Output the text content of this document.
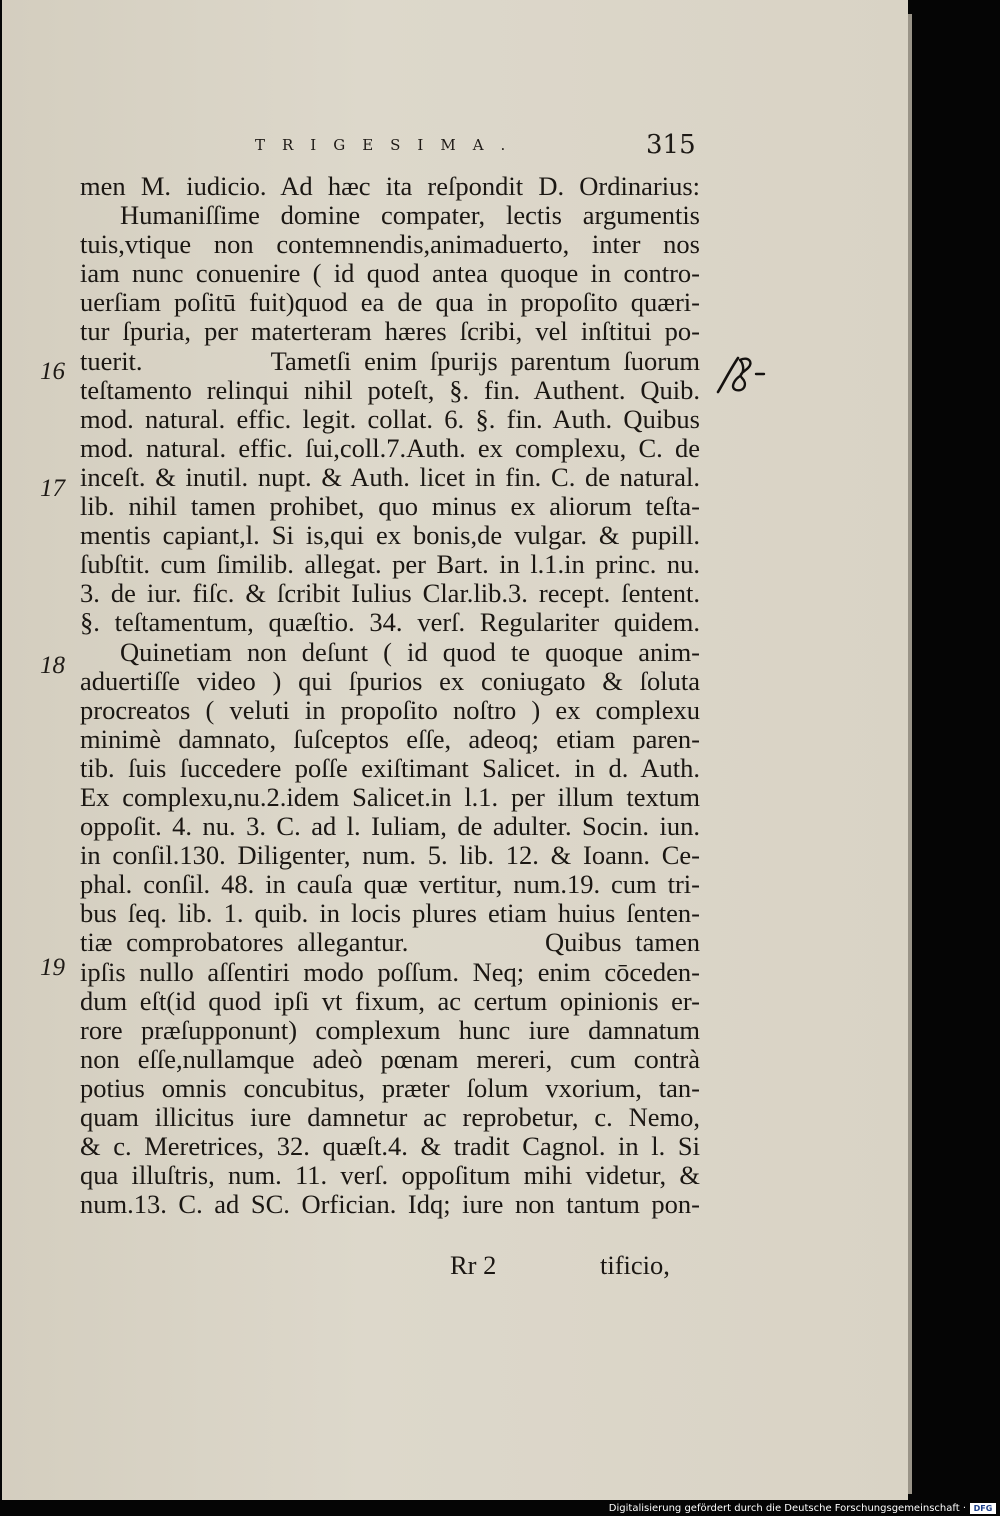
TRIGESIMA.	315
16
17
18
19
men M. iudicio. Ad hæc ita reſpondit D. Ordinarius:
Humaniſſime domine compater, lectis argumentis
tuis,vtique non contemnendis,animaduerto, inter nos
iam nunc conuenire ( id quod antea quoque in contro-
uerſiam poſitū fuit)quod ea de qua in propoſito quæri-
tur ſpuria, per materteram hæres ſcribi, vel inſtitui po-
tuerit.          Tametſi enim ſpurijs parentum ſuorum
teſtamento relinqui nihil poteſt, §. fin. Authent. Quib.
mod. natural. effic. legit. collat. 6. §. fin. Auth. Quibus
mod. natural. effic. ſui,coll.7.Auth. ex complexu, C. de
inceſt. & inutil. nupt. & Auth. licet in fin. C. de natural.
lib. nihil tamen prohibet, quo minus ex aliorum teſta-
mentis capiant,l. Si is,qui ex bonis,de vulgar. & pupill.
ſubſtit. cum ſimilib. allegat. per Bart. in l.1.in princ. nu.
3. de iur. fiſc. & ſcribit Iulius Clar.lib.3. recept. ſentent.
§. teſtamentum, quæſtio. 34. verſ. Regulariter quidem.
Quinetiam non deſunt ( id quod te quoque anim-
aduertiſſe video ) qui ſpurios ex coniugato & ſoluta
procreatos ( veluti in propoſito noſtro ) ex complexu
minimè damnato, ſuſceptos eſſe, adeoq; etiam paren-
tib. ſuis ſuccedere poſſe exiſtimant Salicet. in d. Auth.
Ex complexu,nu.2.idem Salicet.in l.1. per illum textum
oppoſit. 4. nu. 3. C. ad l. Iuliam, de adulter. Socin. iun.
in conſil.130. Diligenter, num. 5. lib. 12. & Ioann. Ce-
phal. conſil. 48. in cauſa quæ vertitur, num.19. cum tri-
bus ſeq. lib. 1. quib. in locis plures etiam huius ſenten-
tiæ comprobatores allegantur.          Quibus tamen
ipſis nullo aſſentiri modo poſſum. Neq; enim cōceden-
dum eſt(id quod ipſi vt fixum, ac certum opinionis er-
rore præſupponunt) complexum hunc iure damnatum
non eſſe,nullamque adeò pœnam mereri, cum contrà
potius omnis concubitus, præter ſolum vxorium, tan-
quam illicitus iure damnetur ac reprobetur, c. Nemo,
& c. Meretrices, 32. quæſt.4. & tradit Cagnol. in l. Si
qua illuſtris, num. 11. verſ. oppoſitum mihi videtur, &
num.13. C. ad SC. Orfician. Idq; iure non tantum pon-
Rr 2	tificio,
Digitalisierung gefördert durch die Deutsche Forschungsgemeinschaft · DFG
